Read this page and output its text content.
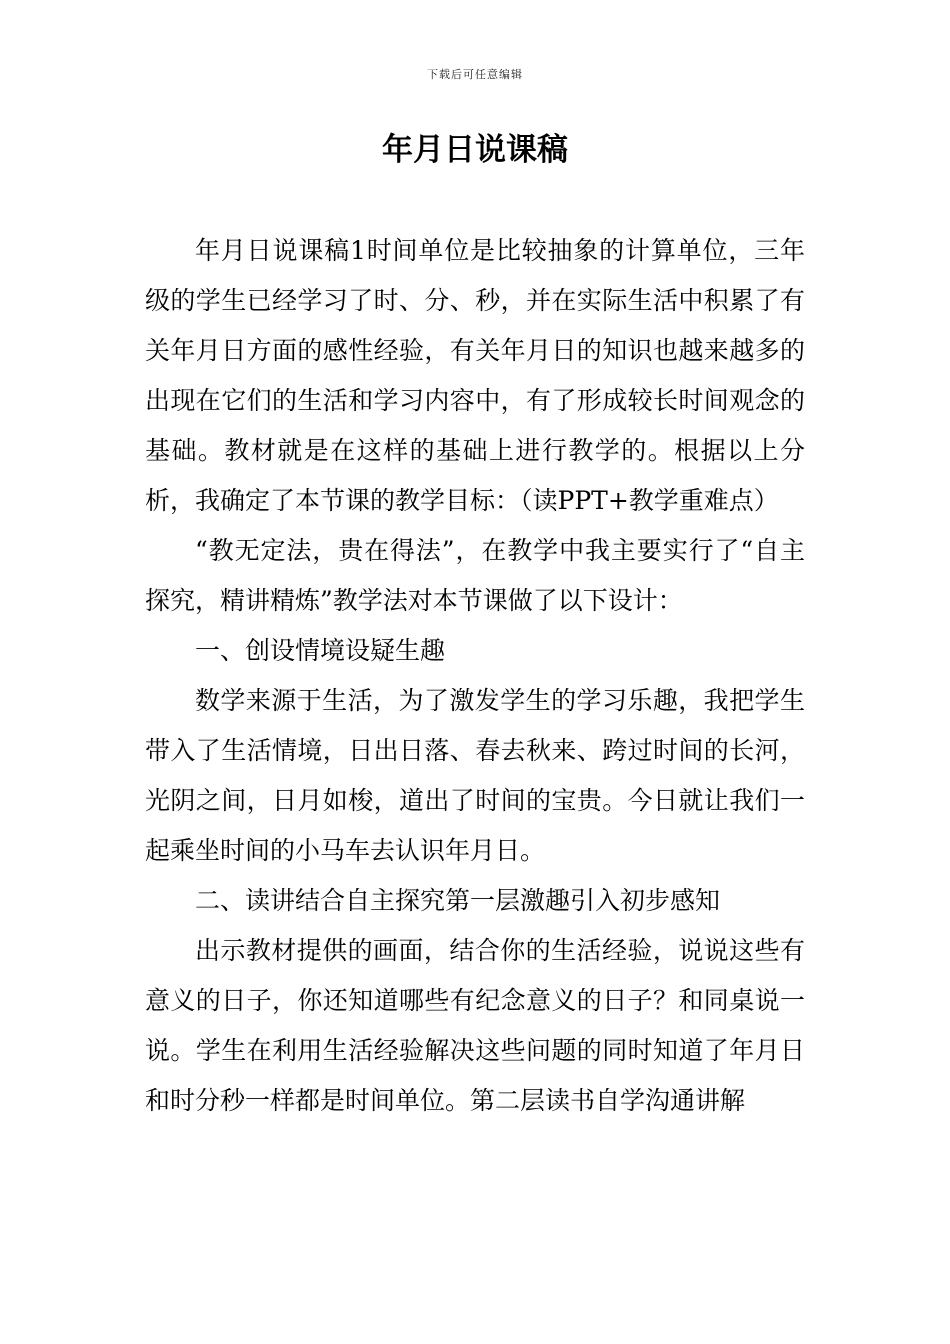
下载后可任意编辑
年月日说课稿

年月日说课稿1时间单位是比较抽象的计算单位，三年级的学生已经学习了时、分、秒，并在实际生活中积累了有关年月日方面的感性经验，有关年月日的知识也越来越多的出现在它们的生活和学习内容中，有了形成较长时间观念的基础。教材就是在这样的基础上进行教学的。根据以上分析，我确定了本节课的教学目标：（读PPT+教学重难点）

“教无定法，贵在得法”，在教学中我主要实行了“自主探究，精讲精炼”教学法对本节课做了以下设计：

一、创设情境设疑生趣

数学来源于生活，为了激发学生的学习乐趣，我把学生带入了生活情境，日出日落、春去秋来、跨过时间的长河，光阴之间，日月如梭，道出了时间的宝贵。今日就让我们一起乘坐时间的小马车去认识年月日。

二、读讲结合自主探究第一层激趣引入初步感知

出示教材提供的画面，结合你的生活经验，说说这些有意义的日子，你还知道哪些有纪念意义的日子？和同桌说一说。学生在利用生活经验解决这些问题的同时知道了年月日和时分秒一样都是时间单位。第二层读书自学沟通讲解
